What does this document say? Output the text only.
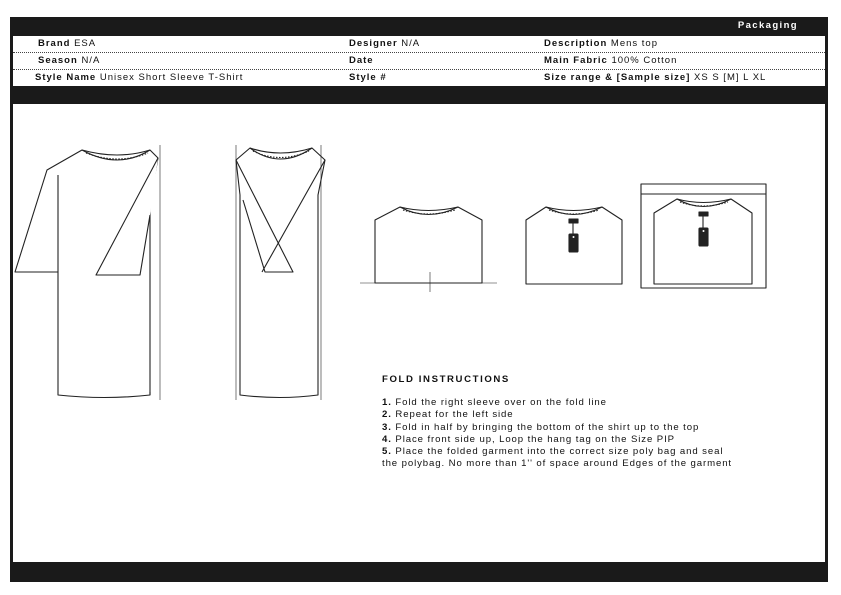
Packaging
Brand ESA	Designer N/A	Description Mens top
Season N/A	Date	Main Fabric 100% Cotton
Style Name Unisex Short Sleeve T-Shirt	Style #	Size range & [Sample size] XS S [M] L XL
FOLD INSTRUCTIONS

1. Fold the right sleeve over on the fold line

2. Repeat for the left side

3. Fold in half by bringing the bottom of the shirt up to the top

4. Place front side up, Loop the hang tag on the Size PIP

5. Place the folded garment into the correct size poly bag and seal

the polybag. No more than 1'' of space around Edges of the garment
